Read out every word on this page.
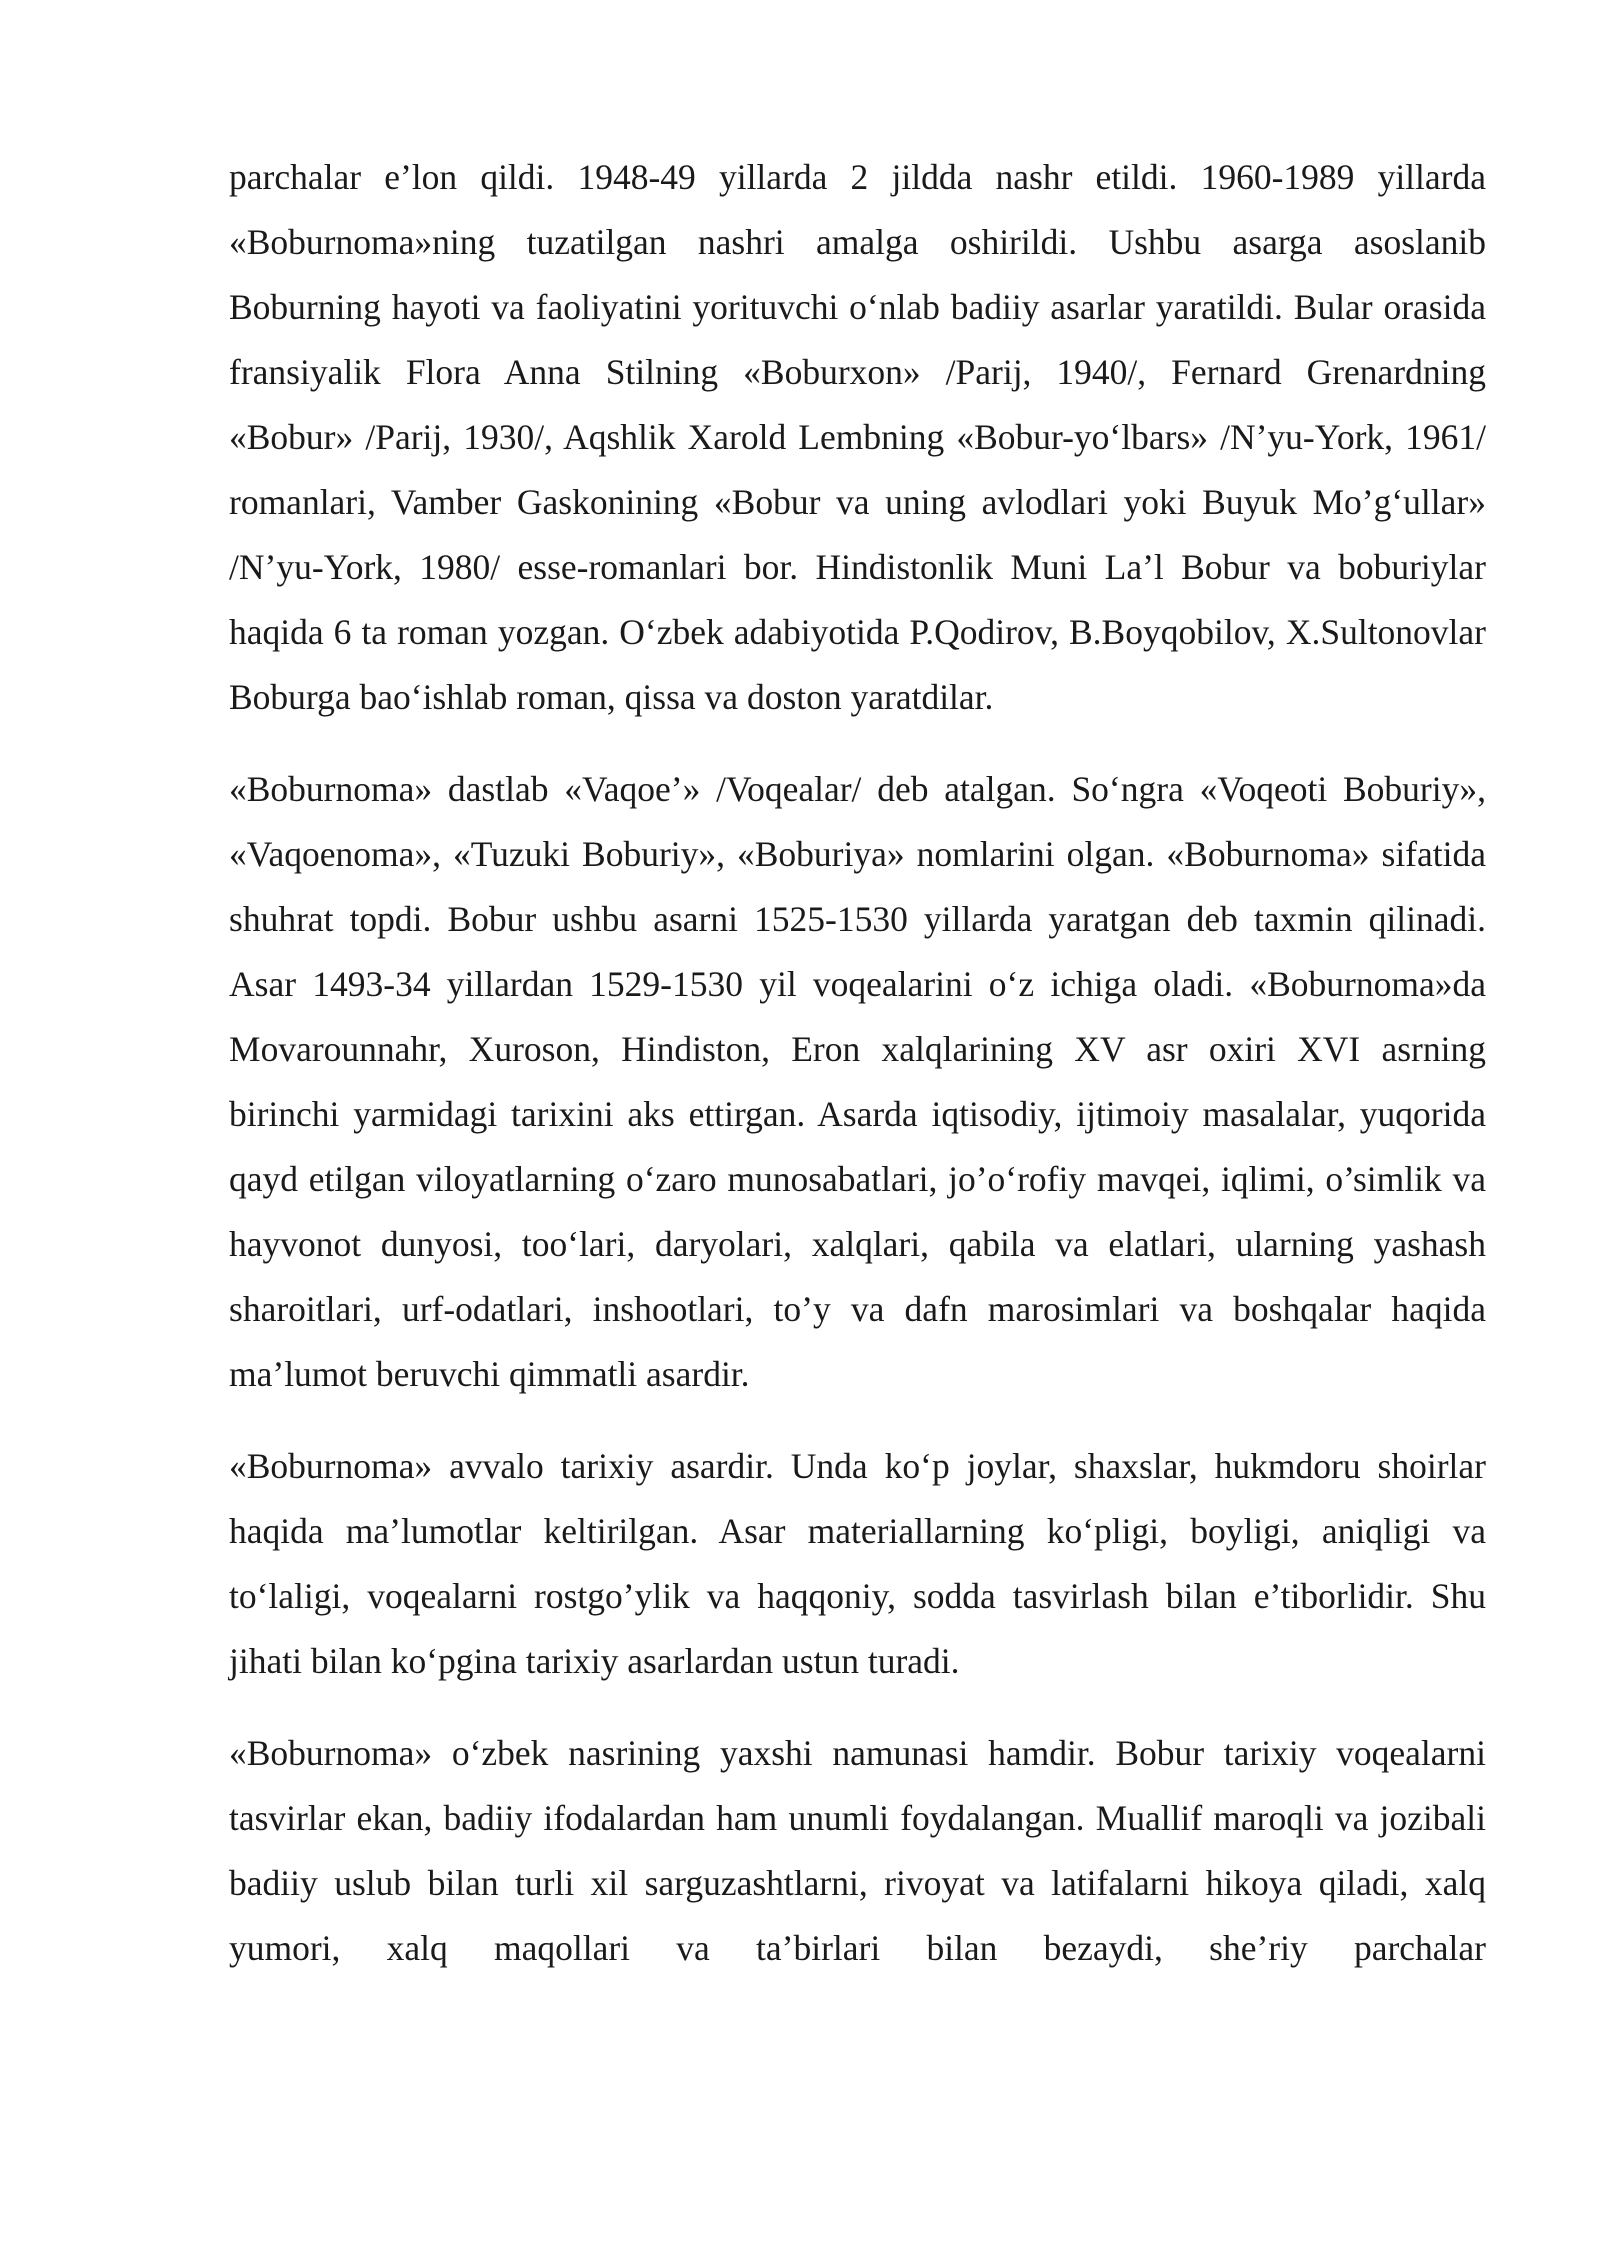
parchalar e’lon qildi. 1948-49 yillarda 2 jildda nashr etildi. 1960-1989 yillarda «Boburnoma»ning tuzatilgan nashri amalga oshirildi. Ushbu asarga asoslanib Boburning hayoti va faoliyatini yorituvchi o‘nlab badiiy asarlar yaratildi. Bular orasida fransiyalik Flora Anna Stilning «Boburxon» /Parij, 1940/, Fernard Grenardning «Bobur» /Parij, 1930/, Aqshlik Xarold Lembning «Bobur-yo‘lbars» /N’yu-York, 1961/ romanlari, Vamber Gaskonining «Bobur va uning avlodlari yoki Buyuk Mo’g‘ullar» /N’yu-York, 1980/ esse-romanlari bor. Hindistonlik Muni La’l Bobur va boburiylar haqida 6 ta roman yozgan. O‘zbek adabiyotida P.Qodirov, B.Boyqobilov, X.Sultonovlar Boburga bao‘ishlab roman, qissa va doston yaratdilar.

«Boburnoma» dastlab «Vaqoe’» /Voqealar/ deb atalgan. So‘ngra «Voqeoti Boburiy», «Vaqoenoma», «Tuzuki Boburiy», «Boburiya» nomlarini olgan. «Boburnoma» sifatida shuhrat topdi. Bobur ushbu asarni 1525-1530 yillarda yaratgan deb taxmin qilinadi. Asar 1493-34 yillardan 1529-1530 yil voqealarini o‘z ichiga oladi. «Boburnoma»da Movarounnahr, Xuroson, Hindiston, Eron xalqlarining XV asr oxiri XVI asrning birinchi yarmidagi tarixini aks ettirgan. Asarda iqtisodiy, ijtimoiy masalalar, yuqorida qayd etilgan viloyatlarning o‘zaro munosabatlari, jo’o‘rofiy mavqei, iqlimi, o’simlik va hayvonot dunyosi, too‘lari, daryolari, xalqlari, qabila va elatlari, ularning yashash sharoitlari, urf-odatlari, inshootlari, to’y va dafn marosimlari va boshqalar haqida ma’lumot beruvchi qimmatli asardir.

«Boburnoma» avvalo tarixiy asardir. Unda ko‘p joylar, shaxslar, hukmdoru shoirlar haqida ma’lumotlar keltirilgan. Asar materiallarning ko‘pligi, boyligi, aniqligi va to‘laligi, voqealarni rostgo’ylik va haqqoniy, sodda tasvirlash bilan e’tiborlidir. Shu jihati bilan ko‘pgina tarixiy asarlardan ustun turadi.

«Boburnoma» o‘zbek nasrining yaxshi namunasi hamdir. Bobur tarixiy voqealarni tasvirlar ekan, badiiy ifodalardan ham unumli foydalangan. Muallif maroqli va jozibali badiiy uslub bilan turli xil sarguzashtlarni, rivoyat va latifalarni hikoya qiladi, xalq yumori, xalq maqollari va ta’birlari bilan bezaydi, she’riy parchalar
